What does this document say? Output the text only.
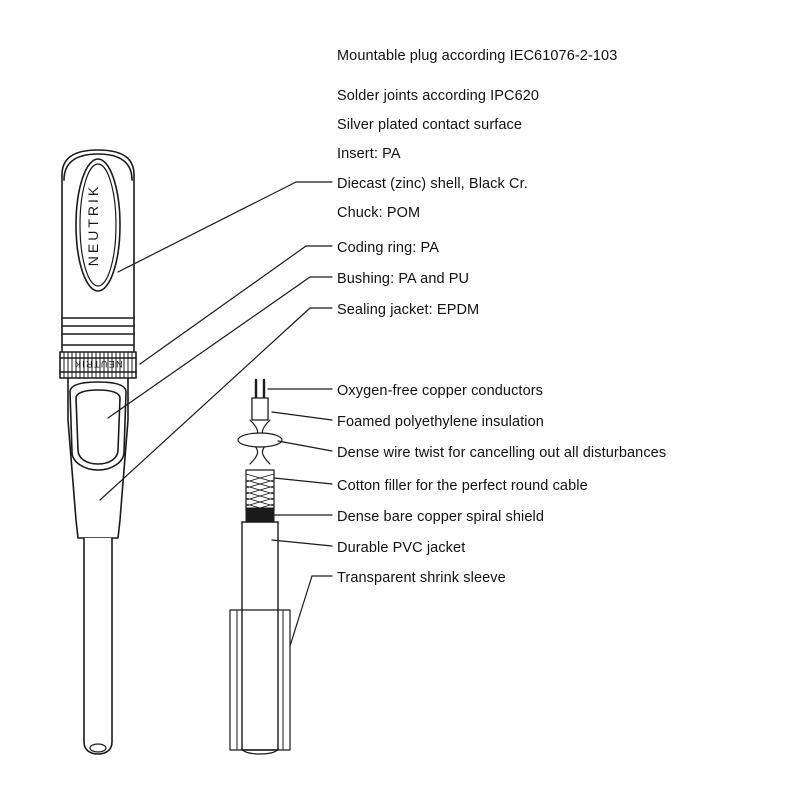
NEUTRIK
NEUTRIK
Mountable plug according IEC61076-2-103
Solder joints according IPC620
Silver plated contact surface
Insert: PA
Diecast (zinc) shell, Black Cr.
Chuck: POM
Coding ring: PA
Bushing: PA and PU
Sealing jacket: EPDM
Oxygen-free copper conductors
Foamed polyethylene insulation
Dense wire twist for cancelling out all disturbances
Cotton filler for the perfect round cable
Dense bare copper spiral shield
Durable PVC jacket
Transparent shrink sleeve
